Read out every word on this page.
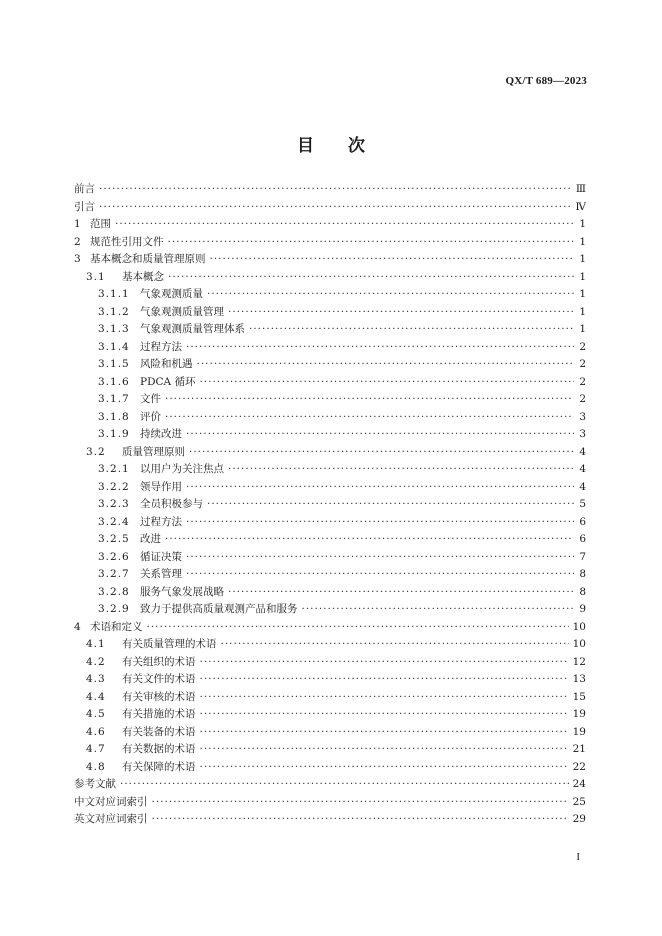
QX/T 689—2023
目 次
前言 ·····	Ⅲ
引言 ·····	Ⅳ
1 范围 ·····	1
2 规范性引用文件 ·····	1
3 基本概念和质量管理原则 ·····	1
3.1	基本概念 ·····	1
3.1.1 气象观测质量 ·····	1
3.1.2 气象观测质量管理 ·····	1
3.1.3 气象观测质量管理体系 ·····	1
3.1.4 过程方法 ·····	2
3.1.5 风险和机遇 ·····	2
3.1.6 PDCA 循环 ·····	2
3.1.7 文件 ·····	2
3.1.8 评价 ·····	3
3.1.9 持续改进 ·····	3
3.2	质量管理原则 ·····	4
3.2.1 以用户为关注焦点 ·····	4
3.2.2 领导作用 ·····	4
3.2.3 全员积极参与 ·····	5
3.2.4 过程方法 ·····	6
3.2.5 改进 ·····	6
3.2.6 循证决策 ·····	7
3.2.7 关系管理 ·····	8
3.2.8 服务气象发展战略 ·····	8
3.2.9 致力于提供高质量观测产品和服务 ·····	9
4 术语和定义 ·····	10
4.1	有关质量管理的术语 ·····	10
4.2	有关组织的术语 ·····	12
4.3	有关文件的术语 ·····	13
4.4	有关审核的术语 ·····	15
4.5	有关措施的术语 ·····	19
4.6	有关装备的术语 ·····	19
4.7	有关数据的术语 ·····	21
4.8	有关保障的术语 ·····	22
参考文献 ·····	24
中文对应词索引 ·····	25
英文对应词索引 ·····	29
I
